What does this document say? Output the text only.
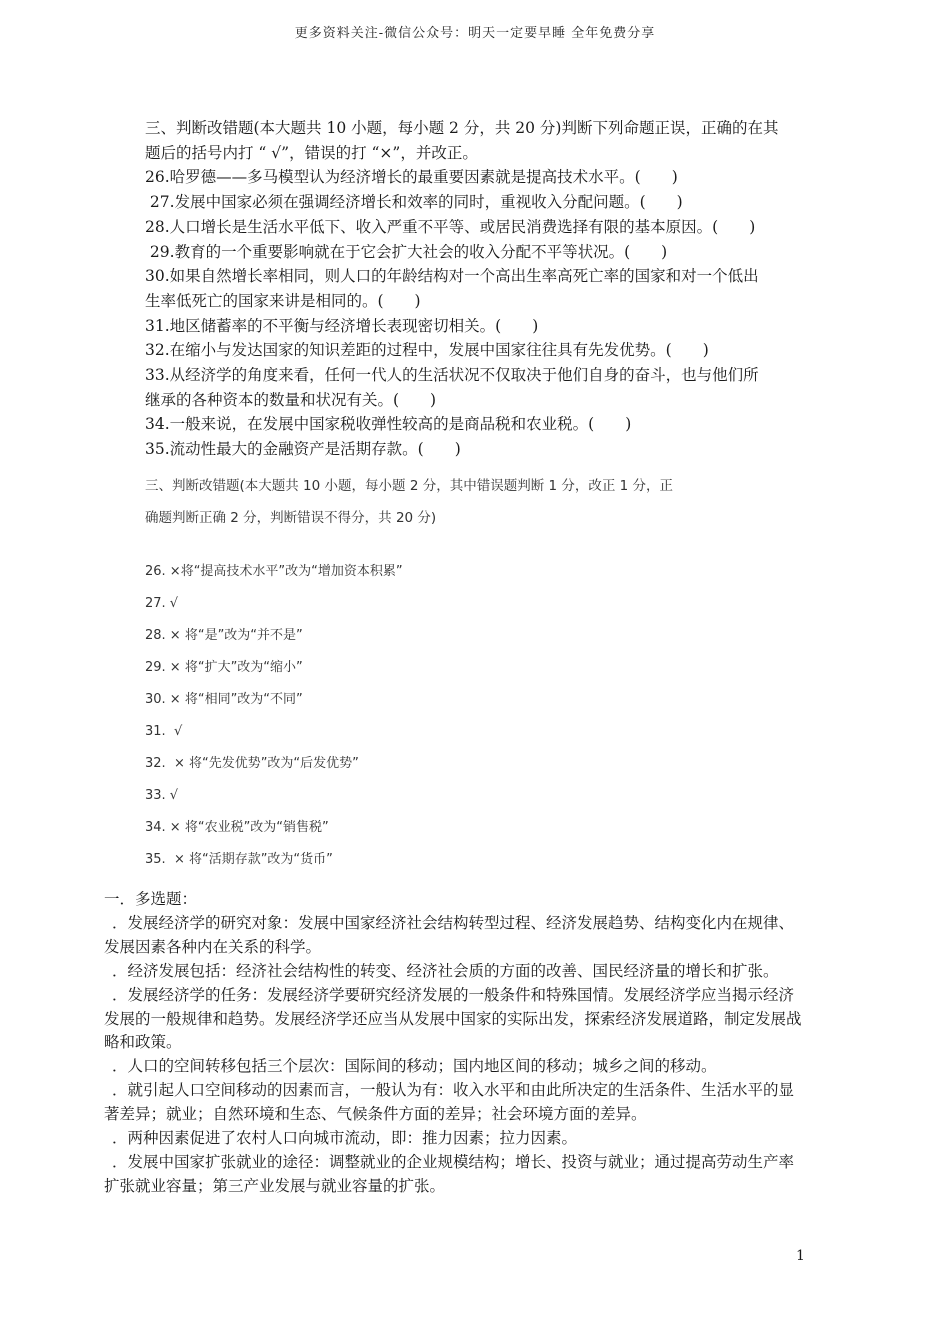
更多资料关注-微信公众号：明天一定要早睡 全年免费分享

三、判断改错题(本大题共 10 小题，每小题 2 分，共 20 分)判断下列命题正误，正确的在其

题后的括号内打 “ √”，错误的打 “×”，并改正。

26.哈罗德——多马模型认为经济增长的最重要因素就是提高技术水平。(　　)

27.发展中国家必须在强调经济增长和效率的同时，重视收入分配问题。(　　)

28.人口增长是生活水平低下、收入严重不平等、或居民消费选择有限的基本原因。(　　)

29.教育的一个重要影响就在于它会扩大社会的收入分配不平等状况。(　　)

30.如果自然增长率相同，则人口的年龄结构对一个高出生率高死亡率的国家和对一个低出

生率低死亡的国家来讲是相同的。(　　)

31.地区储蓄率的不平衡与经济增长表现密切相关。(　　)

32.在缩小与发达国家的知识差距的过程中，发展中国家往往具有先发优势。(　　)

33.从经济学的角度来看，任何一代人的生活状况不仅取决于他们自身的奋斗，也与他们所

继承的各种资本的数量和状况有关。(　　)

34.一般来说，在发展中国家税收弹性较高的是商品税和农业税。(　　)

35.流动性最大的金融资产是活期存款。(　　)

三、判断改错题(本大题共 10 小题，每小题 2 分，其中错误题判断 1 分，改正 1 分，正

确题判断正确 2 分，判断错误不得分，共 20 分)

26. ×将“提高技术水平”改为“增加资本积累”
27. √
28. × 将“是”改为“并不是”
29. × 将“扩大”改为“缩小”
30. × 将“相同”改为“不同”
31.  √
32.  × 将“先发优势”改为“后发优势”
33. √
34. × 将“农业税”改为“销售税”
35.  × 将“活期存款”改为“货币”

一．多选题：

．发展经济学的研究对象：发展中国家经济社会结构转型过程、经济发展趋势、结构变化内在规律、

发展因素各种内在关系的科学。

．经济发展包括：经济社会结构性的转变、经济社会质的方面的改善、国民经济量的增长和扩张。

．发展经济学的任务：发展经济学要研究经济发展的一般条件和特殊国情。发展经济学应当揭示经济

发展的一般规律和趋势。发展经济学还应当从发展中国家的实际出发，探索经济发展道路，制定发展战

略和政策。

．人口的空间转移包括三个层次：国际间的移动；国内地区间的移动；城乡之间的移动。

．就引起人口空间移动的因素而言，一般认为有：收入水平和由此所决定的生活条件、生活水平的显

著差异；就业；自然环境和生态、气候条件方面的差异；社会环境方面的差异。

．两种因素促进了农村人口向城市流动，即：推力因素；拉力因素。

．发展中国家扩张就业的途径：调整就业的企业规模结构；增长、投资与就业；通过提高劳动生产率

扩张就业容量；第三产业发展与就业容量的扩张。

1
